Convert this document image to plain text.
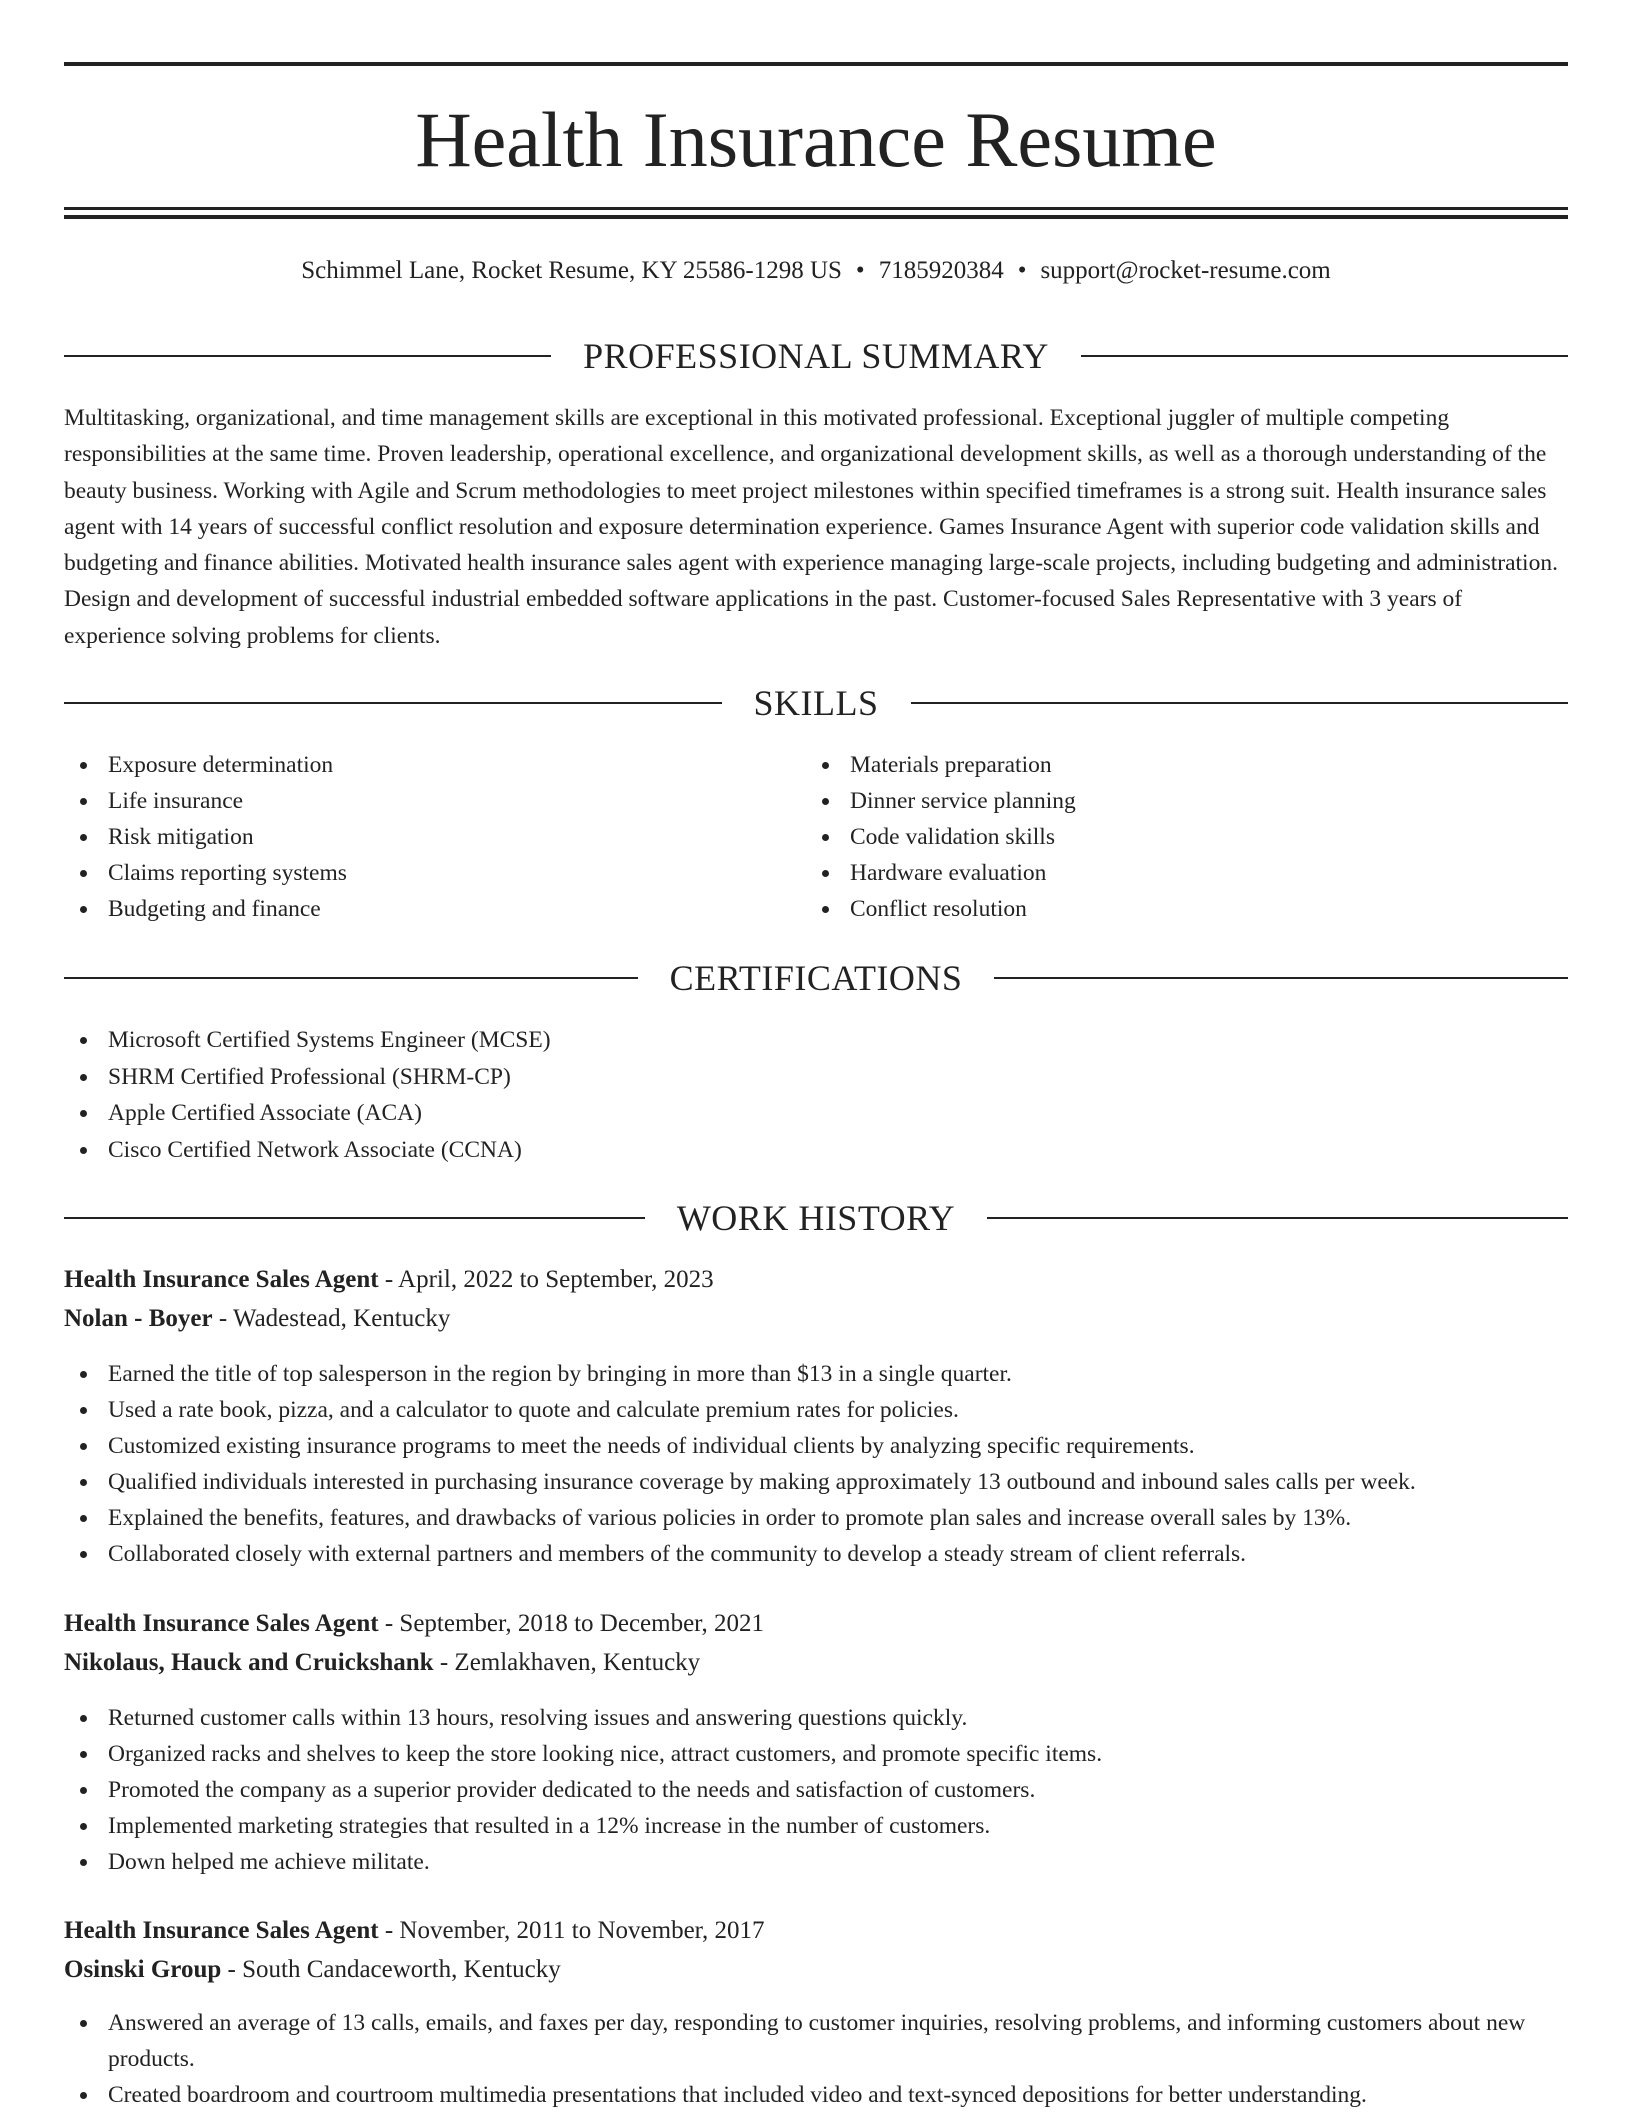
Health Insurance Resume
Schimmel Lane, Rocket Resume, KY 25586-1298 US • 7185920384 • support@rocket-resume.com
PROFESSIONAL SUMMARY

Multitasking, organizational, and time management skills are exceptional in this motivated professional. Exceptional juggler of multiple competing responsibilities at the same time. Proven leadership, operational excellence, and organizational development skills, as well as a thorough understanding of the beauty business. Working with Agile and Scrum methodologies to meet project milestones within specified timeframes is a strong suit. Health insurance sales agent with 14 years of successful conflict resolution and exposure determination experience. Games Insurance Agent with superior code validation skills and budgeting and finance abilities. Motivated health insurance sales agent with experience managing large-scale projects, including budgeting and administration. Design and development of successful industrial embedded software applications in the past. Customer-focused Sales Representative with 3 years of experience solving problems for clients.

SKILLS
Exposure determination
Life insurance
Risk mitigation
Claims reporting systems
Budgeting and finance
Materials preparation
Dinner service planning
Code validation skills
Hardware evaluation
Conflict resolution
CERTIFICATIONS
Microsoft Certified Systems Engineer (MCSE)
SHRM Certified Professional (SHRM-CP)
Apple Certified Associate (ACA)
Cisco Certified Network Associate (CCNA)
WORK HISTORY
Health Insurance Sales Agent - April, 2022 to September, 2023
Nolan - Boyer - Wadestead, Kentucky
Earned the title of top salesperson in the region by bringing in more than $13 in a single quarter.
Used a rate book, pizza, and a calculator to quote and calculate premium rates for policies.
Customized existing insurance programs to meet the needs of individual clients by analyzing specific requirements.
Qualified individuals interested in purchasing insurance coverage by making approximately 13 outbound and inbound sales calls per week.
Explained the benefits, features, and drawbacks of various policies in order to promote plan sales and increase overall sales by 13%.
Collaborated closely with external partners and members of the community to develop a steady stream of client referrals.
Health Insurance Sales Agent - September, 2018 to December, 2021
Nikolaus, Hauck and Cruickshank - Zemlakhaven, Kentucky
Returned customer calls within 13 hours, resolving issues and answering questions quickly.
Organized racks and shelves to keep the store looking nice, attract customers, and promote specific items.
Promoted the company as a superior provider dedicated to the needs and satisfaction of customers.
Implemented marketing strategies that resulted in a 12% increase in the number of customers.
Down helped me achieve militate.
Health Insurance Sales Agent - November, 2011 to November, 2017
Osinski Group - South Candaceworth, Kentucky
Answered an average of 13 calls, emails, and faxes per day, responding to customer inquiries, resolving problems, and informing customers about new products.
Created boardroom and courtroom multimedia presentations that included video and text-synced depositions for better understanding.
